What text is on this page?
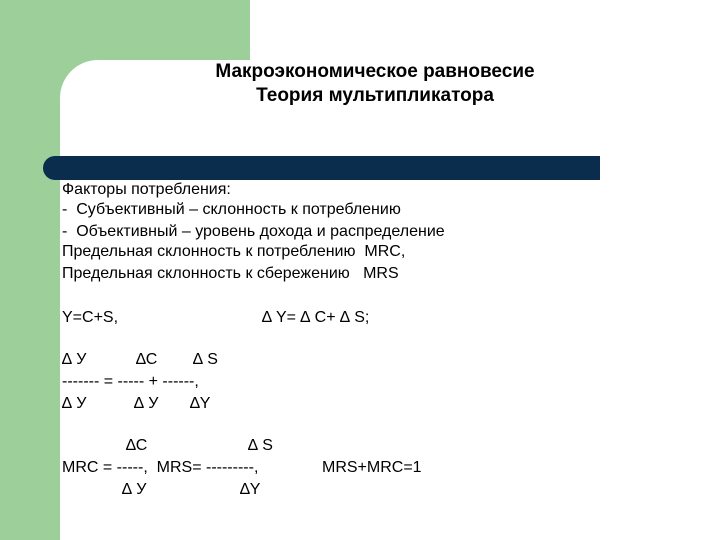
Макроэкономическое равновесие
Теория мультипликатора
Факторы потребления:
-  Субъективный – склонность к потреблению
-  Объективный – уровень дохода и распределение
Предельная склонность к потреблению  MRC,
Предельная склонность к сбережению   MRS
Y=C+S,	∆ Y= ∆ C+ ∆ S;
∆ У	∆C ∆ S
------- = ----- + ------,
∆ У	∆ У ∆Y
∆C	∆ S
MRC = -----,  MRS= ---------,	MRS+MRC=1
∆ У	∆Y
